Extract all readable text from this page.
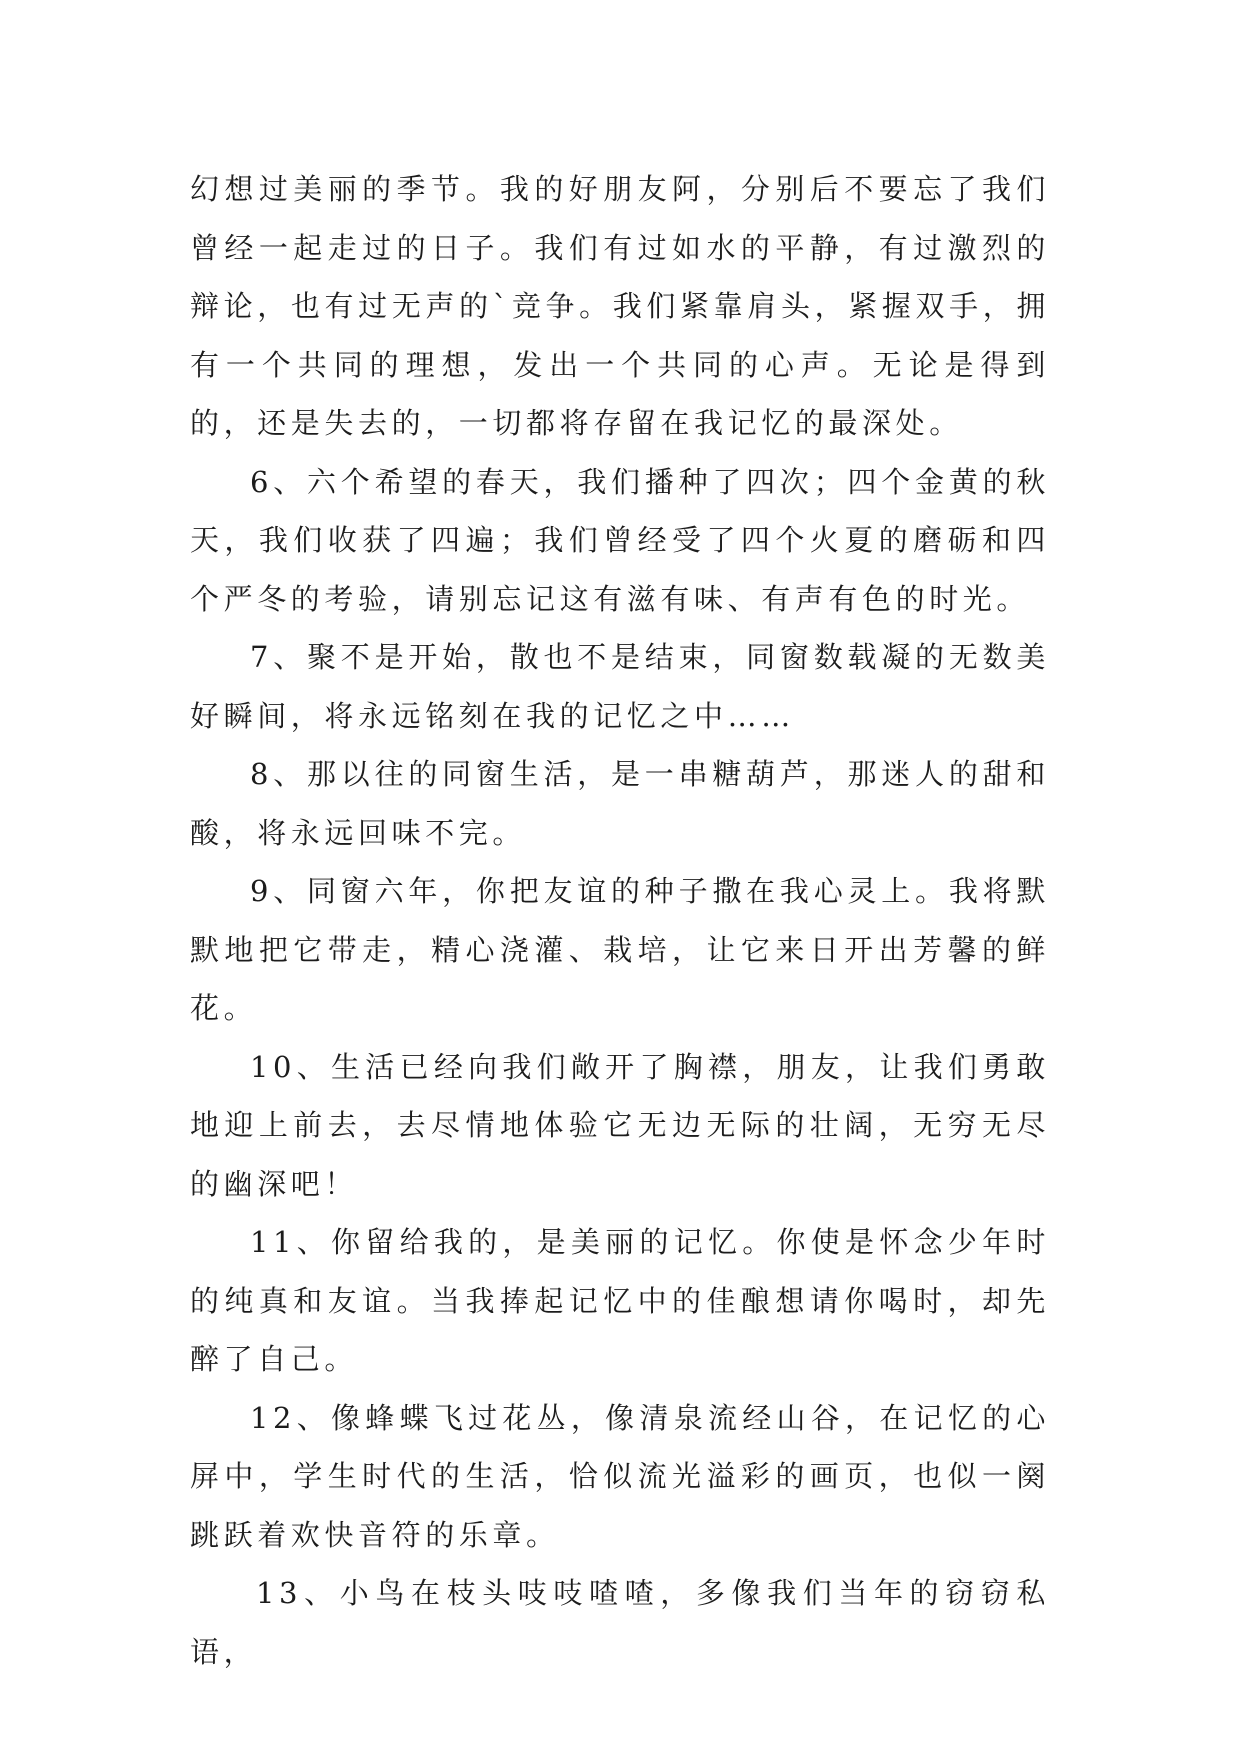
幻想过美丽的季节。我的好朋友阿，分别后不要忘了我们曾经一起走过的日子。我们有过如水的平静，有过激烈的辩论，也有过无声的`竞争。我们紧靠肩头，紧握双手，拥有一个共同的理想，发出一个共同的心声。无论是得到的，还是失去的，一切都将存留在我记忆的最深处。

6、六个希望的春天，我们播种了四次；四个金黄的秋天，我们收获了四遍；我们曾经受了四个火夏的磨砺和四个严冬的考验，请别忘记这有滋有味、有声有色的时光。

7、聚不是开始，散也不是结束，同窗数载凝的无数美好瞬间，将永远铭刻在我的记忆之中……

8、那以往的同窗生活，是一串糖葫芦，那迷人的甜和酸，将永远回味不完。

9、同窗六年，你把友谊的种子撒在我心灵上。我将默默地把它带走，精心浇灌、栽培，让它来日开出芳馨的鲜花。

10、生活已经向我们敞开了胸襟，朋友，让我们勇敢地迎上前去，去尽情地体验它无边无际的壮阔，无穷无尽的幽深吧！

11、你留给我的，是美丽的记忆。你使是怀念少年时的纯真和友谊。当我捧起记忆中的佳酿想请你喝时，却先醉了自己。

12、像蜂蝶飞过花丛，像清泉流经山谷，在记忆的心屏中，学生时代的生活，恰似流光溢彩的画页，也似一阕跳跃着欢快音符的乐章。

13、小鸟在枝头吱吱喳喳，多像我们当年的窃窃私语，
